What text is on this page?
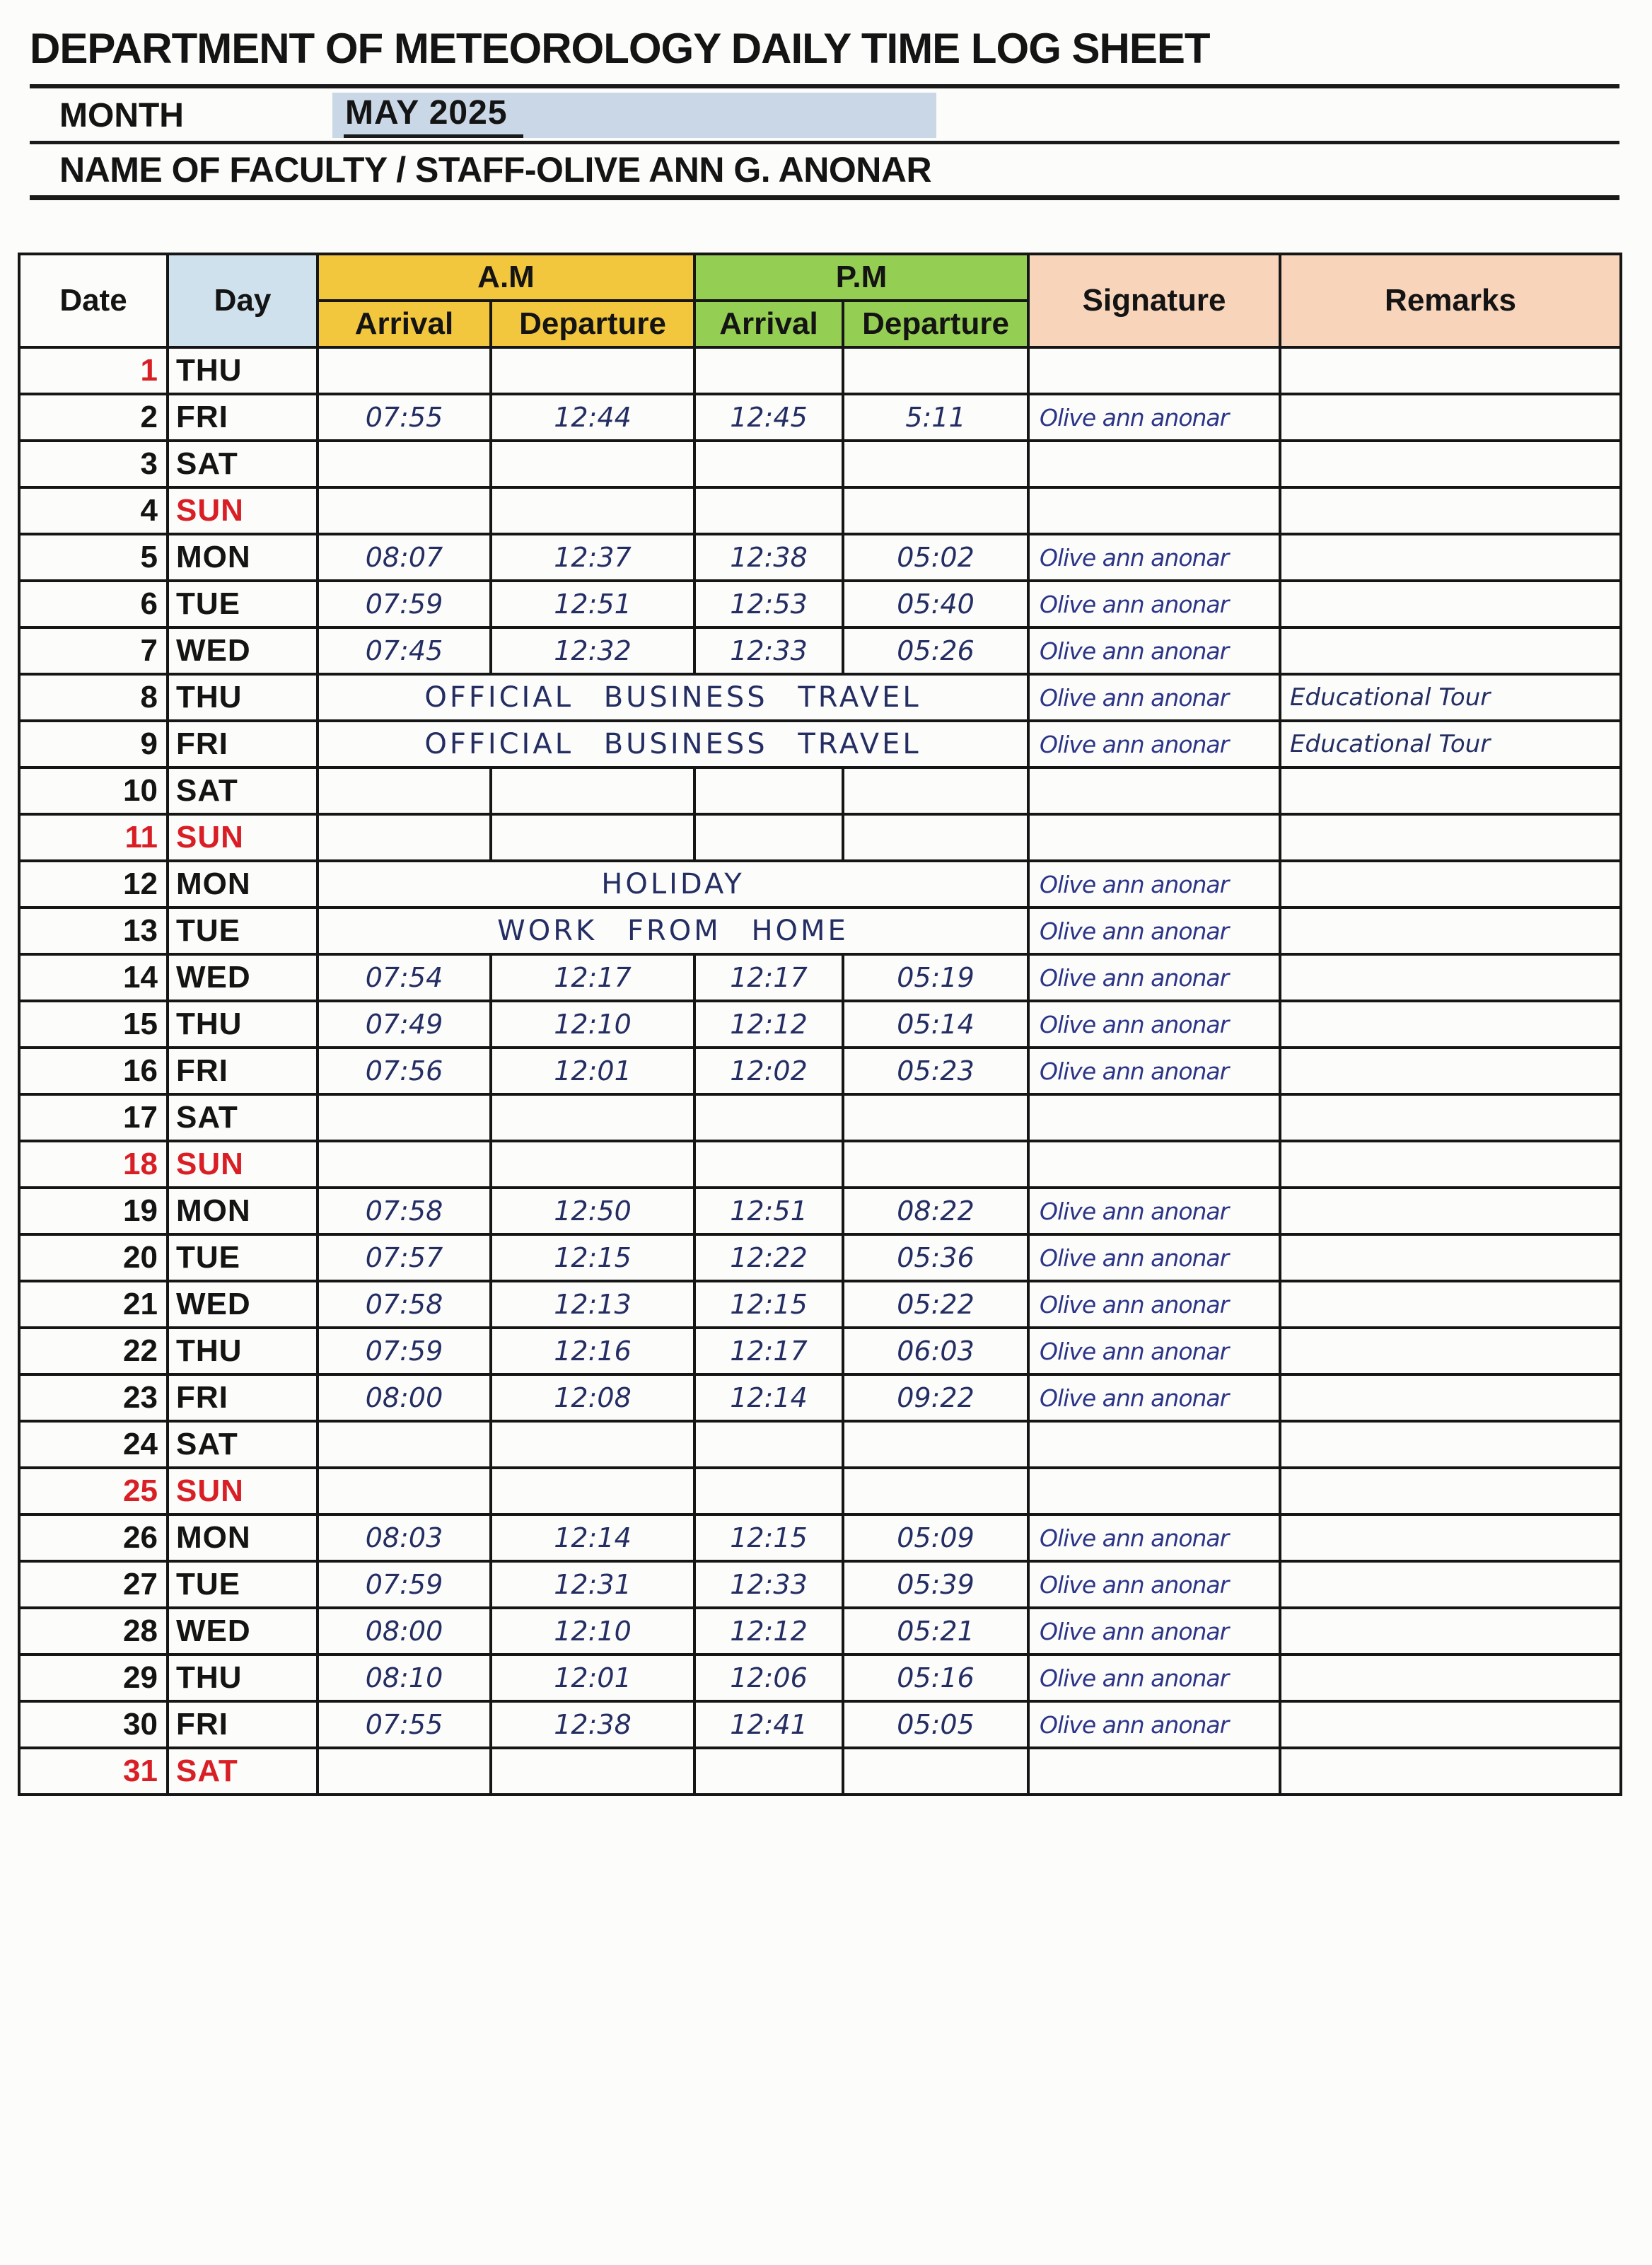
DEPARTMENT OF METEOROLOGY DAILY TIME LOG SHEET
MONTH	MAY 2025
NAME OF FACULTY / STAFF-OLIVE ANN G. ANONAR
Date	Day	A.M		P.M		Signature	Remarks
		Arrival	Departure	Arrival	Departure		
1	THU						
2	FRI	07:55	12:44	12:45	5:11	Olive ann anonar	
3	SAT						
4	SUN						
5	MON	08:07	12:37	12:38	05:02	Olive ann anonar	
6	TUE	07:59	12:51	12:53	05:40	Olive ann anonar	
7	WED	07:45	12:32	12:33	05:26	Olive ann anonar	
8	THU	OFFICIAL BUSINESS TRAVEL				Olive ann anonar	Educational Tour
9	FRI	OFFICIAL BUSINESS TRAVEL				Olive ann anonar	Educational Tour
10	SAT						
11	SUN						
12	MON	HOLIDAY				Olive ann anonar	
13	TUE	WORK FROM HOME				Olive ann anonar	
14	WED	07:54	12:17	12:17	05:19	Olive ann anonar	
15	THU	07:49	12:10	12:12	05:14	Olive ann anonar	
16	FRI	07:56	12:01	12:02	05:23	Olive ann anonar	
17	SAT						
18	SUN						
19	MON	07:58	12:50	12:51	08:22	Olive ann anonar	
20	TUE	07:57	12:15	12:22	05:36	Olive ann anonar	
21	WED	07:58	12:13	12:15	05:22	Olive ann anonar	
22	THU	07:59	12:16	12:17	06:03	Olive ann anonar	
23	FRI	08:00	12:08	12:14	09:22	Olive ann anonar	
24	SAT						
25	SUN						
26	MON	08:03	12:14	12:15	05:09	Olive ann anonar	
27	TUE	07:59	12:31	12:33	05:39	Olive ann anonar	
28	WED	08:00	12:10	12:12	05:21	Olive ann anonar	
29	THU	08:10	12:01	12:06	05:16	Olive ann anonar	
30	FRI	07:55	12:38	12:41	05:05	Olive ann anonar	
31	SAT						
